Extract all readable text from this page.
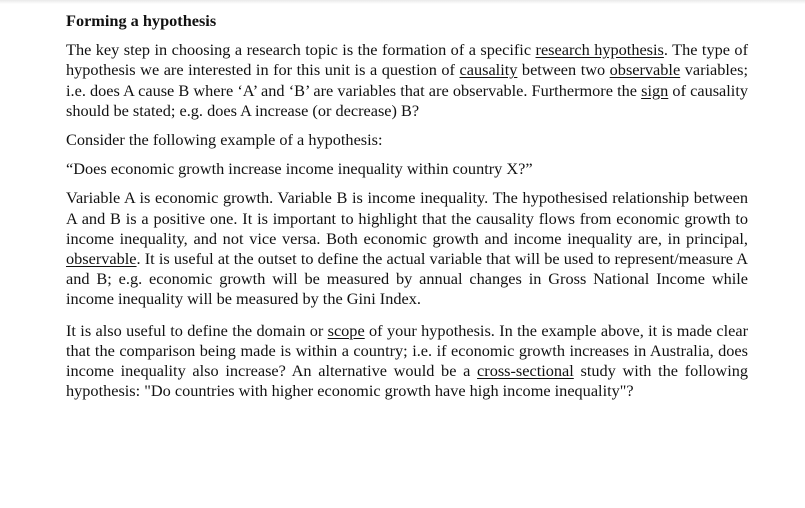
Forming a hypothesis

The key step in choosing a research topic is the formation of a specific research hypothesis. The type of hypothesis we are interested in for this unit is a question of causality between two observable variables; i.e. does A cause B where ‘A’ and ‘B’ are variables that are observable. Furthermore the sign of causality should be stated; e.g. does A increase (or decrease) B?

Consider the following example of a hypothesis:

“Does economic growth increase income inequality within country X?”

Variable A is economic growth. Variable B is income inequality. The hypothesised relationship between A and B is a positive one. It is important to highlight that the causality flows from economic growth to income inequality, and not vice versa. Both economic growth and income inequality are, in principal, observable. It is useful at the outset to define the actual variable that will be used to represent/measure A and B; e.g. economic growth will be measured by annual changes in Gross National Income while income inequality will be measured by the Gini Index.

It is also useful to define the domain or scope of your hypothesis. In the example above, it is made clear that the comparison being made is within a country; i.e. if economic growth increases in Australia, does income inequality also increase? An alternative would be a cross-sectional study with the following hypothesis: "Do countries with higher economic growth have high income inequality"?
